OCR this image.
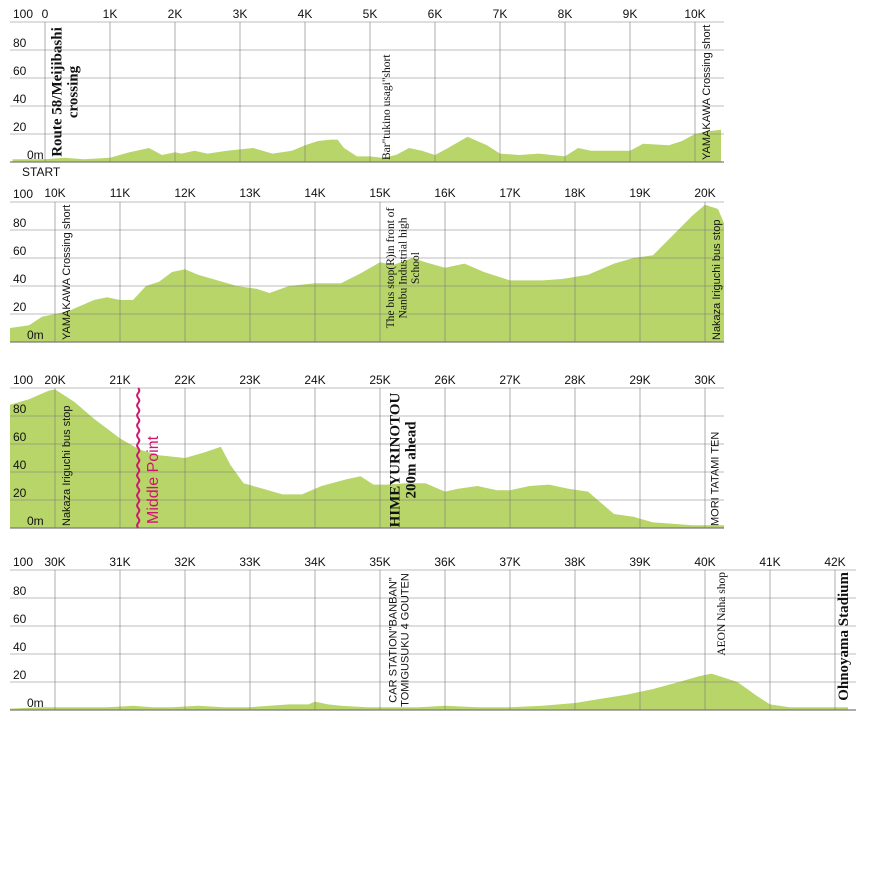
100
80
60
40
20
0m
0	1K	2K	3K	4K	5K	6K	7K	8K	9K	10K
START
Route 58/Meijibashicrossing	Bar"tukino usagi"short	YAMAKAWA Crossing short
100
80
60
40
20
0m
10K	11K	12K	13K	14K	15K	16K	17K	18K	19K	20K
YAMAKAWA Crossing short	The bus stop(R)in front ofNanbu Industrial highSchool	Nakaza Iriguchi bus stop
100
80
60
40
20
0m
20K	21K	22K	23K	24K	25K	26K	27K	28K	29K	30K
Nakaza Iriguchi bus stop	Middle Point	HIMEYURINOTOU200m ahead	MORI TATAMI TEN
100
80
60
40
20
0m
30K	31K	32K	33K	34K	35K	36K	37K	38K	39K	40K	41K	42K
CAR STATION"BANBAN"TOMIGUSUKU 4 GOUTEN	AEON Naha shop	Ohnoyama Stadium
